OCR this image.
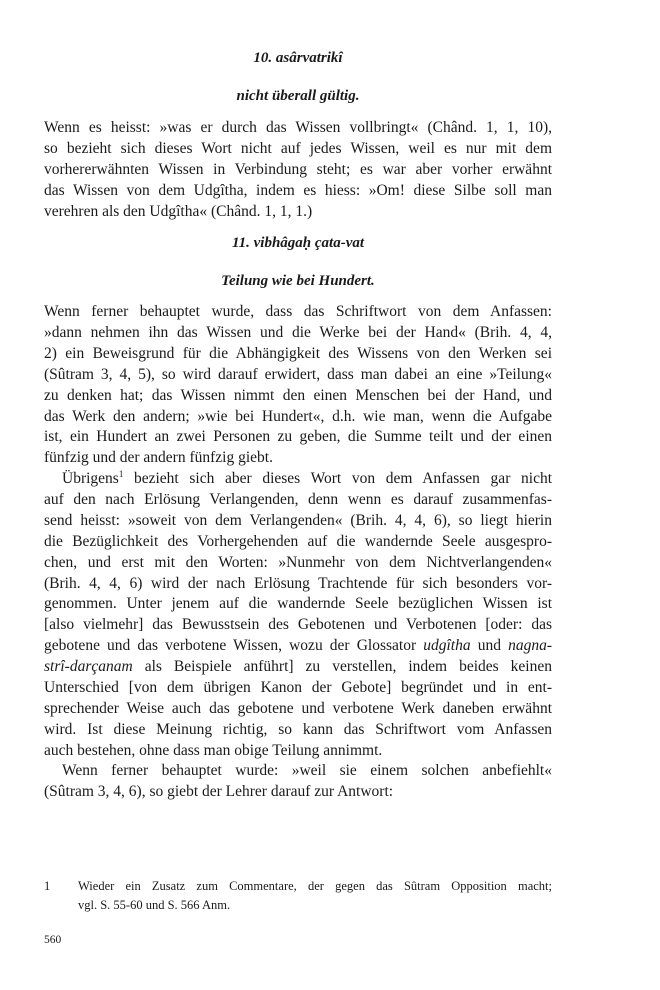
10. asârvatrikî
nicht überall gültig.
Wenn es heisst: »was er durch das Wissen vollbringt« (Chând. 1, 1, 10),
so bezieht sich dieses Wort nicht auf jedes Wissen, weil es nur mit dem
vorhererwähnten Wissen in Verbindung steht; es war aber vorher erwähnt
das Wissen von dem Udgîtha, indem es hiess: »Om! diese Silbe soll man
verehren als den Udgîtha« (Chând. 1, 1, 1.)
11. vibhâgaḥ çata-vat
Teilung wie bei Hundert.
Wenn ferner behauptet wurde, dass das Schriftwort von dem Anfassen:
»dann nehmen ihn das Wissen und die Werke bei der Hand« (Brih. 4, 4,
2) ein Beweisgrund für die Abhängigkeit des Wissens von den Werken sei
(Sûtram 3, 4, 5), so wird darauf erwidert, dass man dabei an eine »Teilung«
zu denken hat; das Wissen nimmt den einen Menschen bei der Hand, und
das Werk den andern; »wie bei Hundert«, d.h. wie man, wenn die Aufgabe
ist, ein Hundert an zwei Personen zu geben, die Summe teilt und der einen
fünfzig und der andern fünfzig giebt.
Übrigens$^1$ bezieht sich aber dieses Wort von dem Anfassen gar nicht
auf den nach Erlösung Verlangenden, denn wenn es darauf zusammenfas-
send heisst: »soweit von dem Verlangenden« (Brih. 4, 4, 6), so liegt hierin
die Bezüglichkeit des Vorhergehenden auf die wandernde Seele ausgespro-
chen, und erst mit den Worten: »Nunmehr von dem Nichtverlangenden«
(Brih. 4, 4, 6) wird der nach Erlösung Trachtende für sich besonders vor-
genommen. Unter jenem auf die wandernde Seele bezüglichen Wissen ist
[also vielmehr] das Bewusstsein des Gebotenen und Verbotenen [oder: das
gebotene und das verbotene Wissen, wozu der Glossator udgîtha und nagna-
strî-darçanam als Beispiele anführt] zu verstellen, indem beides keinen
Unterschied [von dem übrigen Kanon der Gebote] begründet und in ent-
sprechender Weise auch das gebotene und verbotene Werk daneben erwähnt
wird. Ist diese Meinung richtig, so kann das Schriftwort vom Anfassen
auch bestehen, ohne dass man obige Teilung annimmt.
Wenn ferner behauptet wurde: »weil sie einem solchen anbefiehlt«
(Sûtram 3, 4, 6), so giebt der Lehrer darauf zur Antwort:
1 Wieder ein Zusatz zum Commentare, der gegen das Sûtram Opposition macht;
vgl. S. 55-60 und S. 566 Anm.
560
